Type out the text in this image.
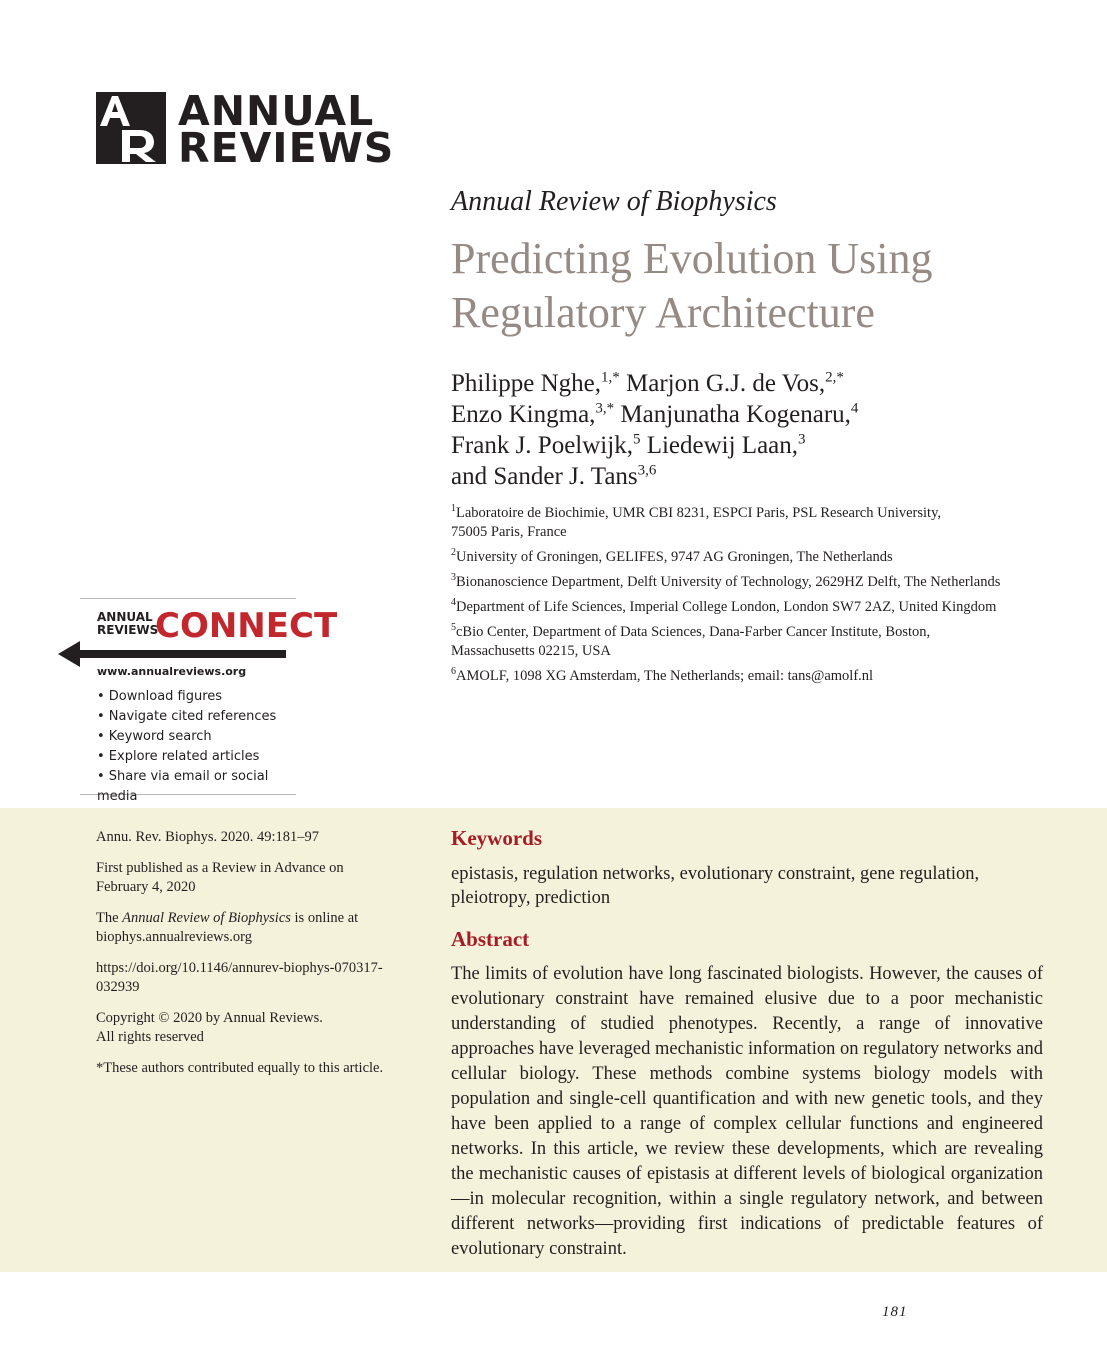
ANNUAL
REVIEWS
Annual Review of Biophysics
Predicting Evolution Using
Regulatory Architecture
Philippe Nghe,$^{1,*}$ Marjon G.J. de Vos,$^{2,*}$
Enzo Kingma,$^{3,*}$ Manjunatha Kogenaru,$^4$
Frank J. Poelwijk,$^5$ Liedewij Laan,$^3$
and Sander J. Tans$^{3,6}$
$^1$Laboratoire de Biochimie, UMR CBI 8231, ESPCI Paris, PSL Research University,
75005 Paris, France
$^2$University of Groningen, GELIFES, 9747 AG Groningen, The Netherlands
$^3$Bionanoscience Department, Delft University of Technology, 2629HZ Delft, The Netherlands
$^4$Department of Life Sciences, Imperial College London, London SW7 2AZ, United Kingdom
$^5$cBio Center, Department of Data Sciences, Dana-Farber Cancer Institute, Boston,
Massachusetts 02215, USA
$^6$AMOLF, 1098 XG Amsterdam, The Netherlands; email: tans@amolf.nl
ANNUAL
REVIEWS
CONNECT
www.annualreviews.org
• Download figures
• Navigate cited references
• Keyword search
• Explore related articles
• Share via email or social media

Annu. Rev. Biophys. 2020. 49:181–97

First published as a Review in Advance on
February 4, 2020

The Annual Review of Biophysics is online at
biophys.annualreviews.org

https://doi.org/10.1146/annurev-biophys-070317-
032939

Copyright © 2020 by Annual Reviews.
All rights reserved

*These authors contributed equally to this article.

Keywords
epistasis, regulation networks, evolutionary constraint, gene regulation, pleiotropy, prediction
Abstract
The limits of evolution have long fascinated biologists. However, the causes of evolutionary constraint have remained elusive due to a poor mechanistic understanding of studied phenotypes. Recently, a range of innovative approaches have leveraged mechanistic information on regulatory networks and cellular biology. These methods combine systems biology models with population and single-cell quantification and with new genetic tools, and they have been applied to a range of complex cellular functions and engineered networks. In this article, we review these developments, which are revealing the mechanistic causes of epistasis at different levels of biological organization—in molecular recognition, within a single regulatory network, and between different networks—providing first indications of predictable features of evolutionary constraint.
181
